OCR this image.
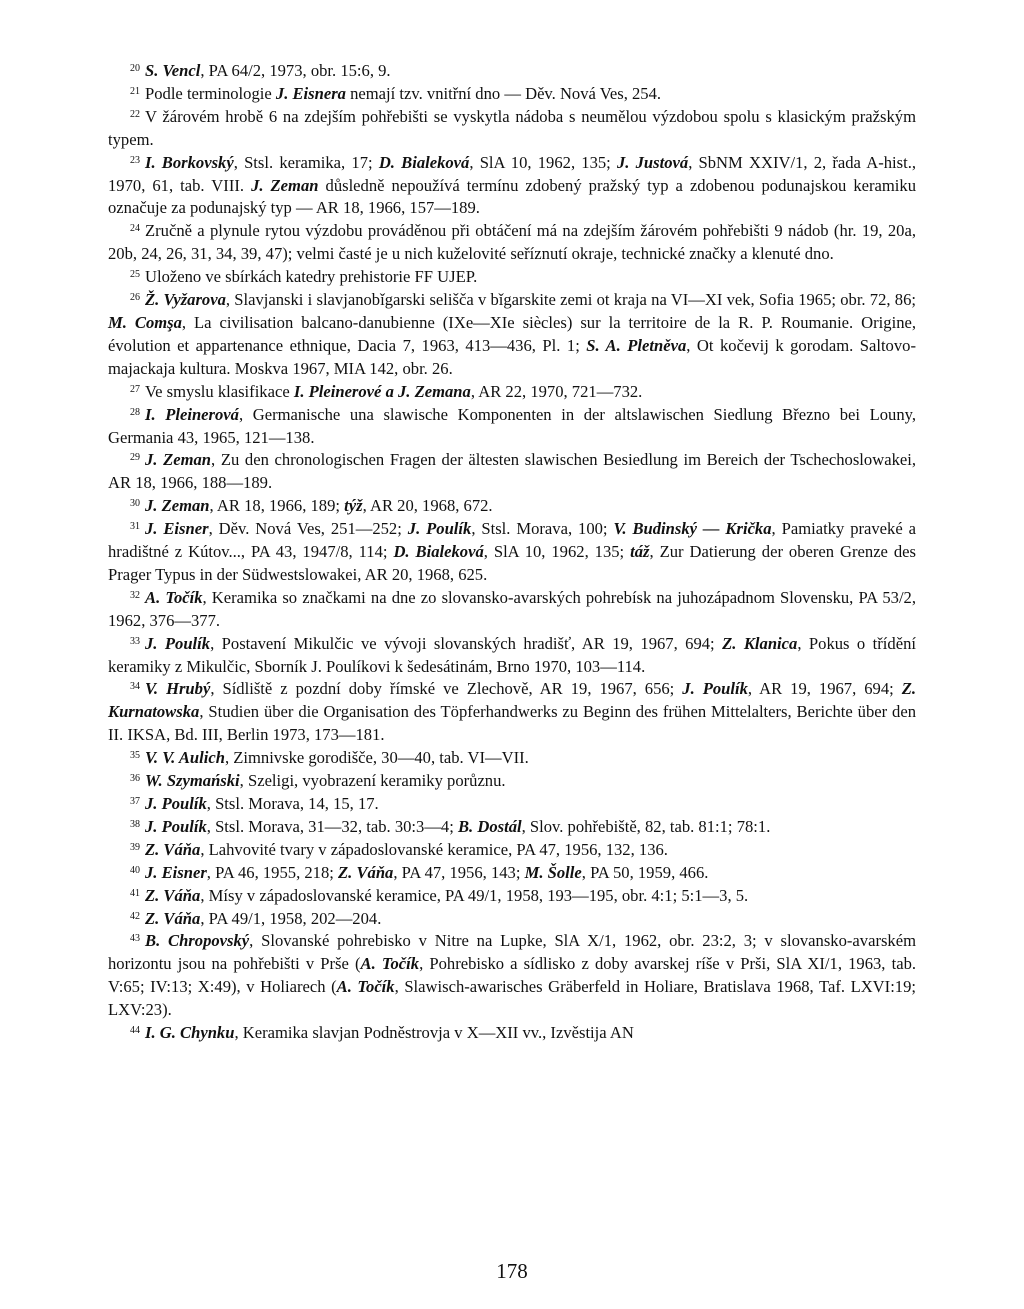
$^{20}$ S. Vencl, PA 64/2, 1973, obr. 15:6, 9.

$^{21}$ Podle terminologie J. Eisnera nemají tzv. vnitřní dno — Děv. Nová Ves, 254.

$^{22}$ V žárovém hrobě 6 na zdejším pohřebišti se vyskytla nádoba s neumělou výzdobou spolu s klasickým pražským typem.

$^{23}$ I. Borkovský, Stsl. keramika, 17; D. Bialeková, SlA 10, 1962, 135; J. Justová, SbNM XXIV/1, 2, řada A-hist., 1970, 61, tab. VIII. J. Zeman důsledně nepoužívá termínu zdobený pražský typ a zdobenou podunajskou keramiku označuje za podunajský typ — AR 18, 1966, 157—189.

$^{24}$ Zručně a plynule rytou výzdobu prováděnou při obtáčení má na zdejším žárovém pohřebišti 9 nádob (hr. 19, 20a, 20b, 24, 26, 31, 34, 39, 47); velmi časté je u nich kuželovité seříznutí okraje, technické značky a klenuté dno.

$^{25}$ Uloženo ve sbírkách katedry prehistorie FF UJEP.

$^{26}$ Ž. Vyžarova, Slavjanski i slavjanobǐgarski selišča v bǐgarskite zemi ot kraja na VI—XI vek, Sofia 1965; obr. 72, 86; M. Comşa, La civilisation balcano-danubienne (IXe—XIe siècles) sur la territoire de la R. P. Roumanie. Origine, évolution et appartenance ethnique, Dacia 7, 1963, 413—436, Pl. 1; S. A. Pletněva, Ot kočevij k gorodam. Saltovo-majackaja kultura. Moskva 1967, MIA 142, obr. 26.

$^{27}$ Ve smyslu klasifikace I. Pleinerové a J. Zemana, AR 22, 1970, 721—732.

$^{28}$ I. Pleinerová, Germanische una slawische Komponenten in der altslawischen Siedlung Březno bei Louny, Germania 43, 1965, 121—138.

$^{29}$ J. Zeman, Zu den chronologischen Fragen der ältesten slawischen Besiedlung im Bereich der Tschechoslowakei, AR 18, 1966, 188—189.

$^{30}$ J. Zeman, AR 18, 1966, 189; týž, AR 20, 1968, 672.

$^{31}$ J. Eisner, Děv. Nová Ves, 251—252; J. Poulík, Stsl. Morava, 100; V. Budinský — Krička, Pamiatky praveké a hradištné z Kútov..., PA 43, 1947/8, 114; D. Bialeková, SlA 10, 1962, 135; táž, Zur Datierung der oberen Grenze des Prager Typus in der Südwestslowakei, AR 20, 1968, 625.

$^{32}$ A. Točík, Keramika so značkami na dne zo slovansko-avarských pohrebísk na juhozápadnom Slovensku, PA 53/2, 1962, 376—377.

$^{33}$ J. Poulík, Postavení Mikulčic ve vývoji slovanských hradišť, AR 19, 1967, 694; Z. Klanica, Pokus o třídění keramiky z Mikulčic, Sborník J. Poulíkovi k šedesátinám, Brno 1970, 103—114.

$^{34}$ V. Hrubý, Sídliště z pozdní doby římské ve Zlechově, AR 19, 1967, 656; J. Poulík, AR 19, 1967, 694; Z. Kurnatowska, Studien über die Organisation des Töpferhandwerks zu Beginn des frühen Mittelalters, Berichte über den II. IKSA, Bd. III, Berlin 1973, 173—181.

$^{35}$ V. V. Aulich, Zimnivske gorodišče, 30—40, tab. VI—VII.

$^{36}$ W. Szymański, Szeligi, vyobrazení keramiky porůznu.

$^{37}$ J. Poulík, Stsl. Morava, 14, 15, 17.

$^{38}$ J. Poulík, Stsl. Morava, 31—32, tab. 30:3—4; B. Dostál, Slov. pohřebiště, 82, tab. 81:1; 78:1.

$^{39}$ Z. Váňa, Lahvovité tvary v západoslovanské keramice, PA 47, 1956, 132, 136.

$^{40}$ J. Eisner, PA 46, 1955, 218; Z. Váňa, PA 47, 1956, 143; M. Šolle, PA 50, 1959, 466.

$^{41}$ Z. Váňa, Mísy v západoslovanské keramice, PA 49/1, 1958, 193—195, obr. 4:1; 5:1—3, 5.

$^{42}$ Z. Váňa, PA 49/1, 1958, 202—204.

$^{43}$ B. Chropovský, Slovanské pohrebisko v Nitre na Lupke, SlA X/1, 1962, obr. 23:2, 3; v slovansko-avarském horizontu jsou na pohřebišti v Prše (A. Točík, Pohrebisko a sídlisko z doby avarskej ríše v Prši, SlA XI/1, 1963, tab. V:65; IV:13; X:49), v Holiarech (A. Točík, Slawisch-awarisches Gräberfeld in Holiare, Bratislava 1968, Taf. LXVI:19; LXV:23).

$^{44}$ I. G. Chynku, Keramika slavjan Podněstrovja v X—XII vv., Izvěstija AN

178
